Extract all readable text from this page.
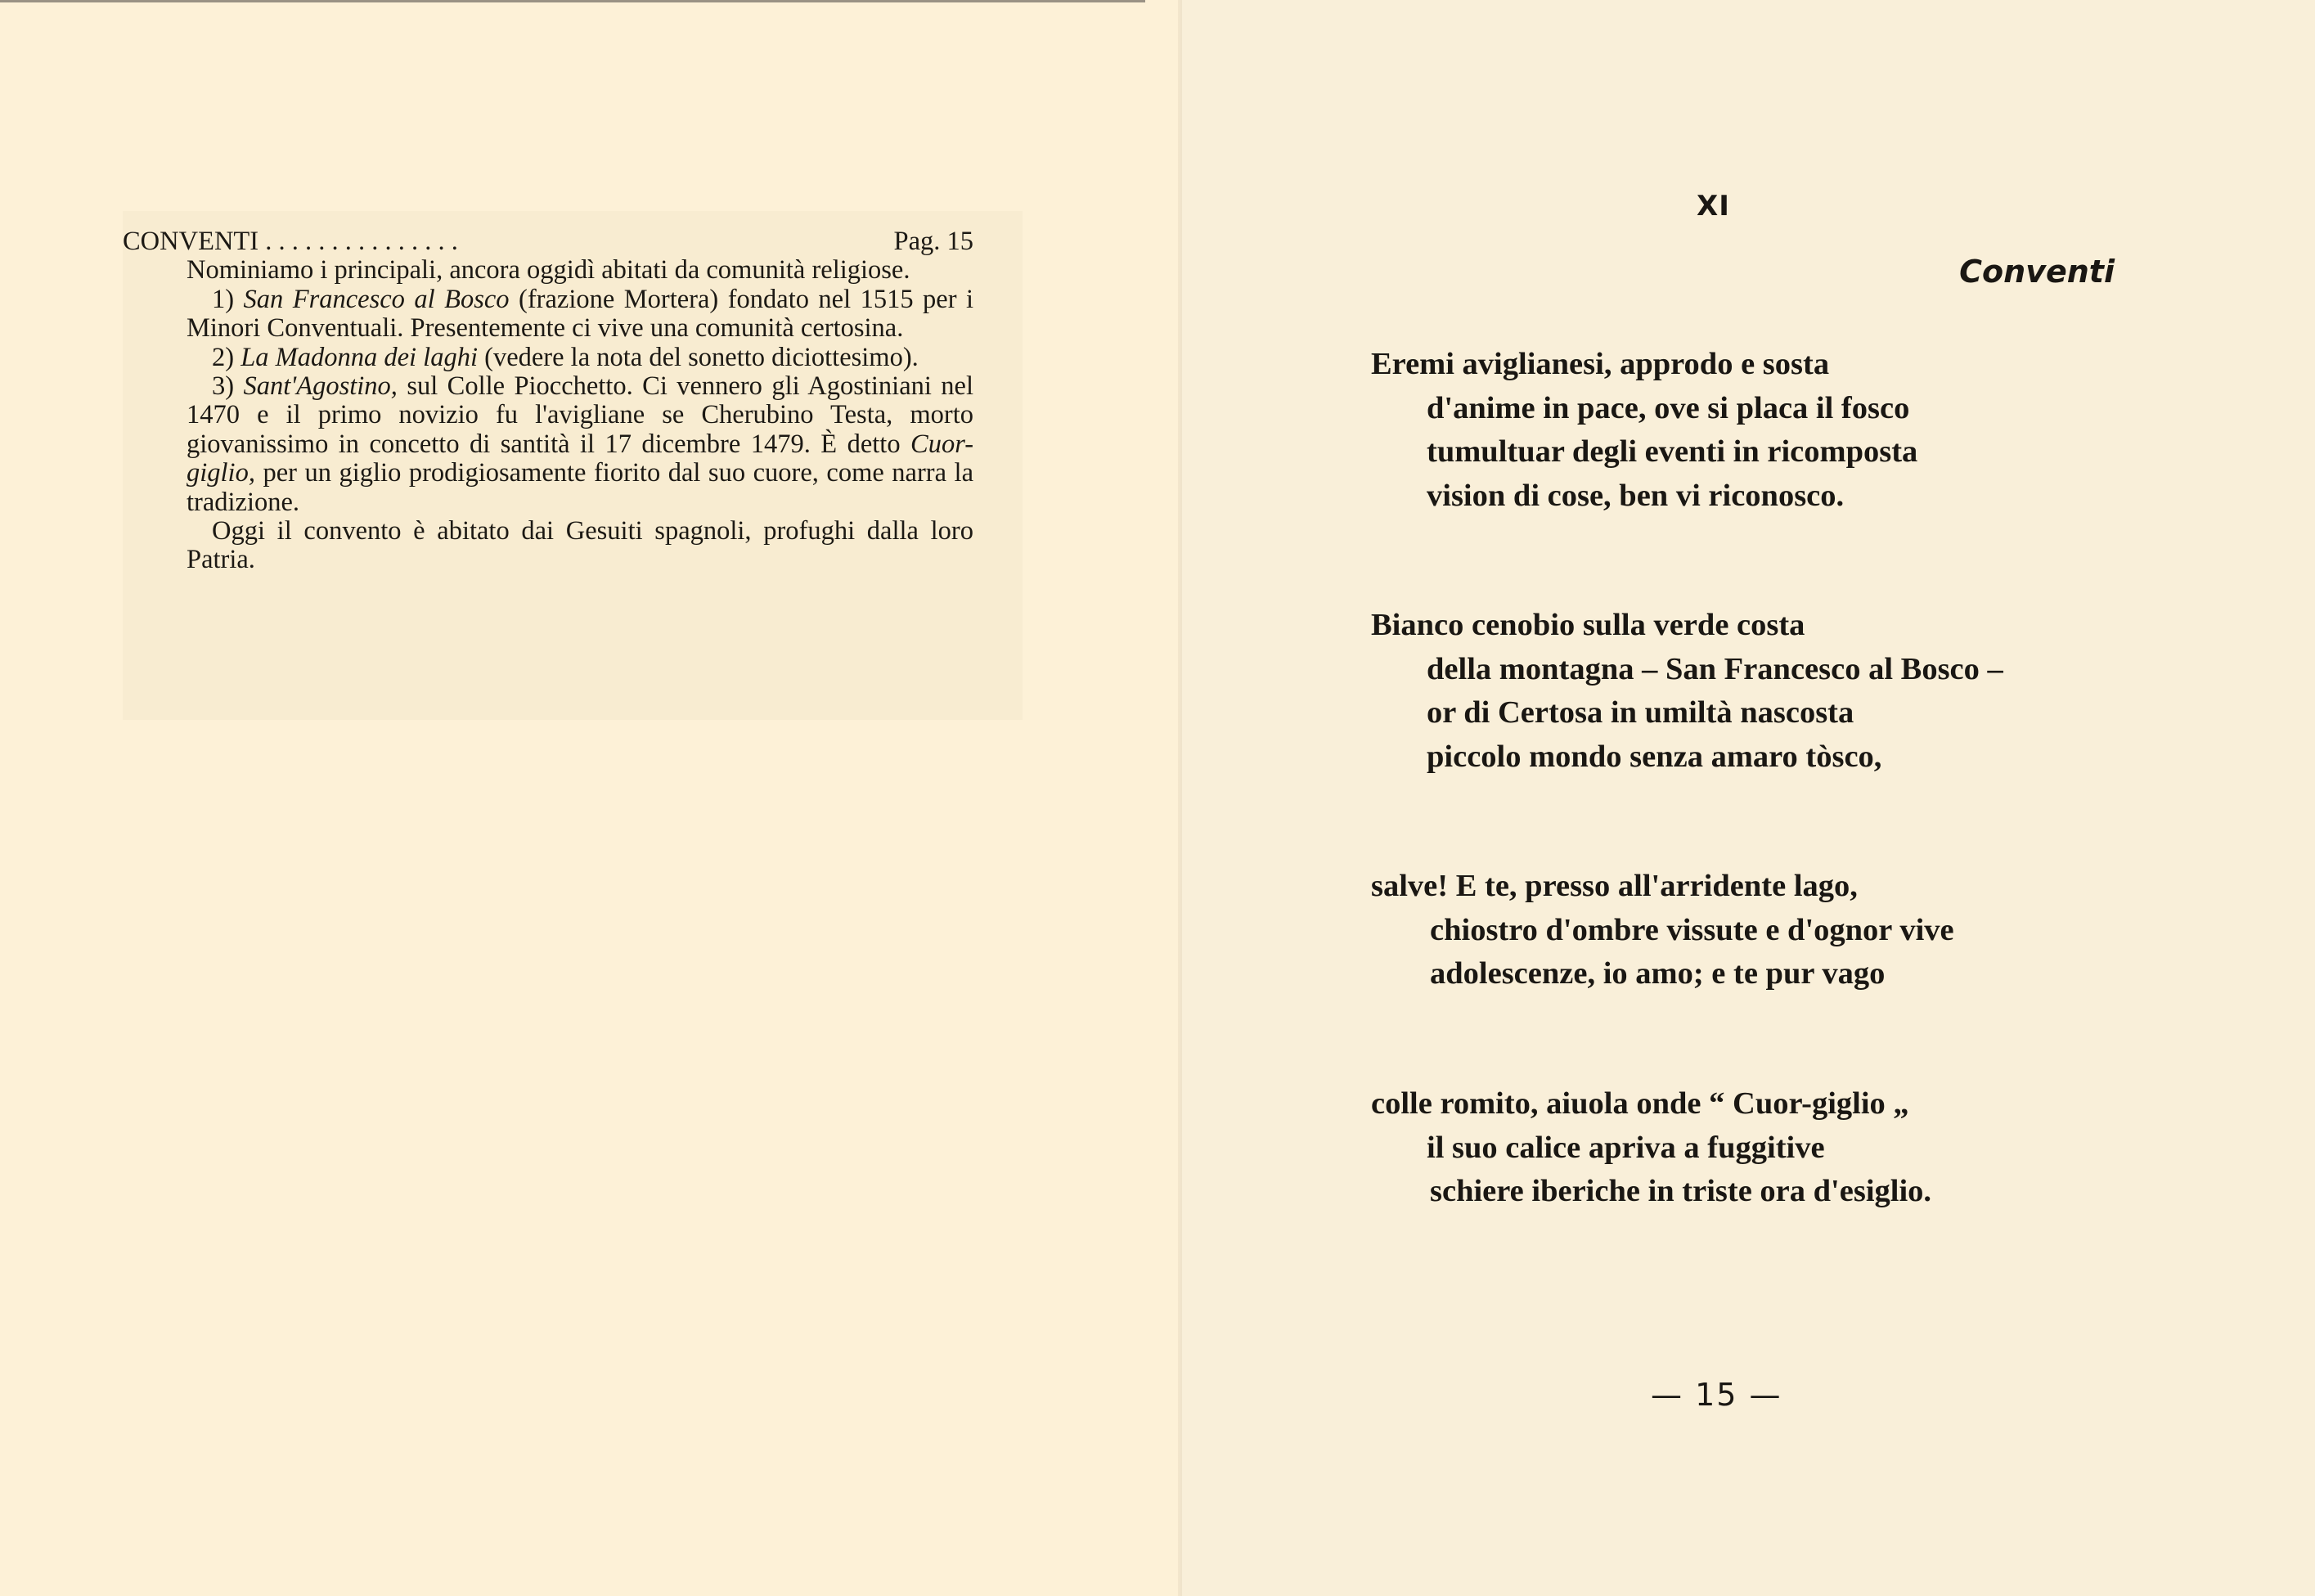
CONVENTI . . . . . . . . . . . . . . .	Pag. 15

Nominiamo i principali, ancora oggidì abitati da comunità religiose.

1) San Francesco al Bosco (frazione Mortera) fondato nel 1515 per i Minori Conventuali. Presentemente ci vive una comunità certosina.

2) La Madonna dei laghi (vedere la nota del sonetto diciottesimo).

3) Sant'Agostino, sul Colle Piocchetto. Ci vennero gli Agostiniani nel 1470 e il primo novizio fu l'avigliane se Cherubino Testa, morto giovanissimo in concetto di santità il 17 dicembre 1479. È detto Cuor-giglio, per un giglio prodigiosamente fiorito dal suo cuore, come narra la tradizione.

Oggi il convento è abitato dai Gesuiti spagnoli, profughi dalla loro Patria.

XI
Conventi
Eremi aviglianesi, approdo e sosta
d'anime in pace, ove si placa il fosco
tumultuar degli eventi in ricomposta
vision di cose, ben vi riconosco.
Bianco cenobio sulla verde costa
della montagna – San Francesco al Bosco –
or di Certosa in umiltà nascosta
piccolo mondo senza amaro tòsco,
salve! E te, presso all'arridente lago,
chiostro d'ombre vissute e d'ognor vive
adolescenze, io amo; e te pur vago
colle romito, aiuola onde “ Cuor-giglio „
il suo calice apriva a fuggitive
schiere iberiche in triste ora d'esiglio.
— 15 —
